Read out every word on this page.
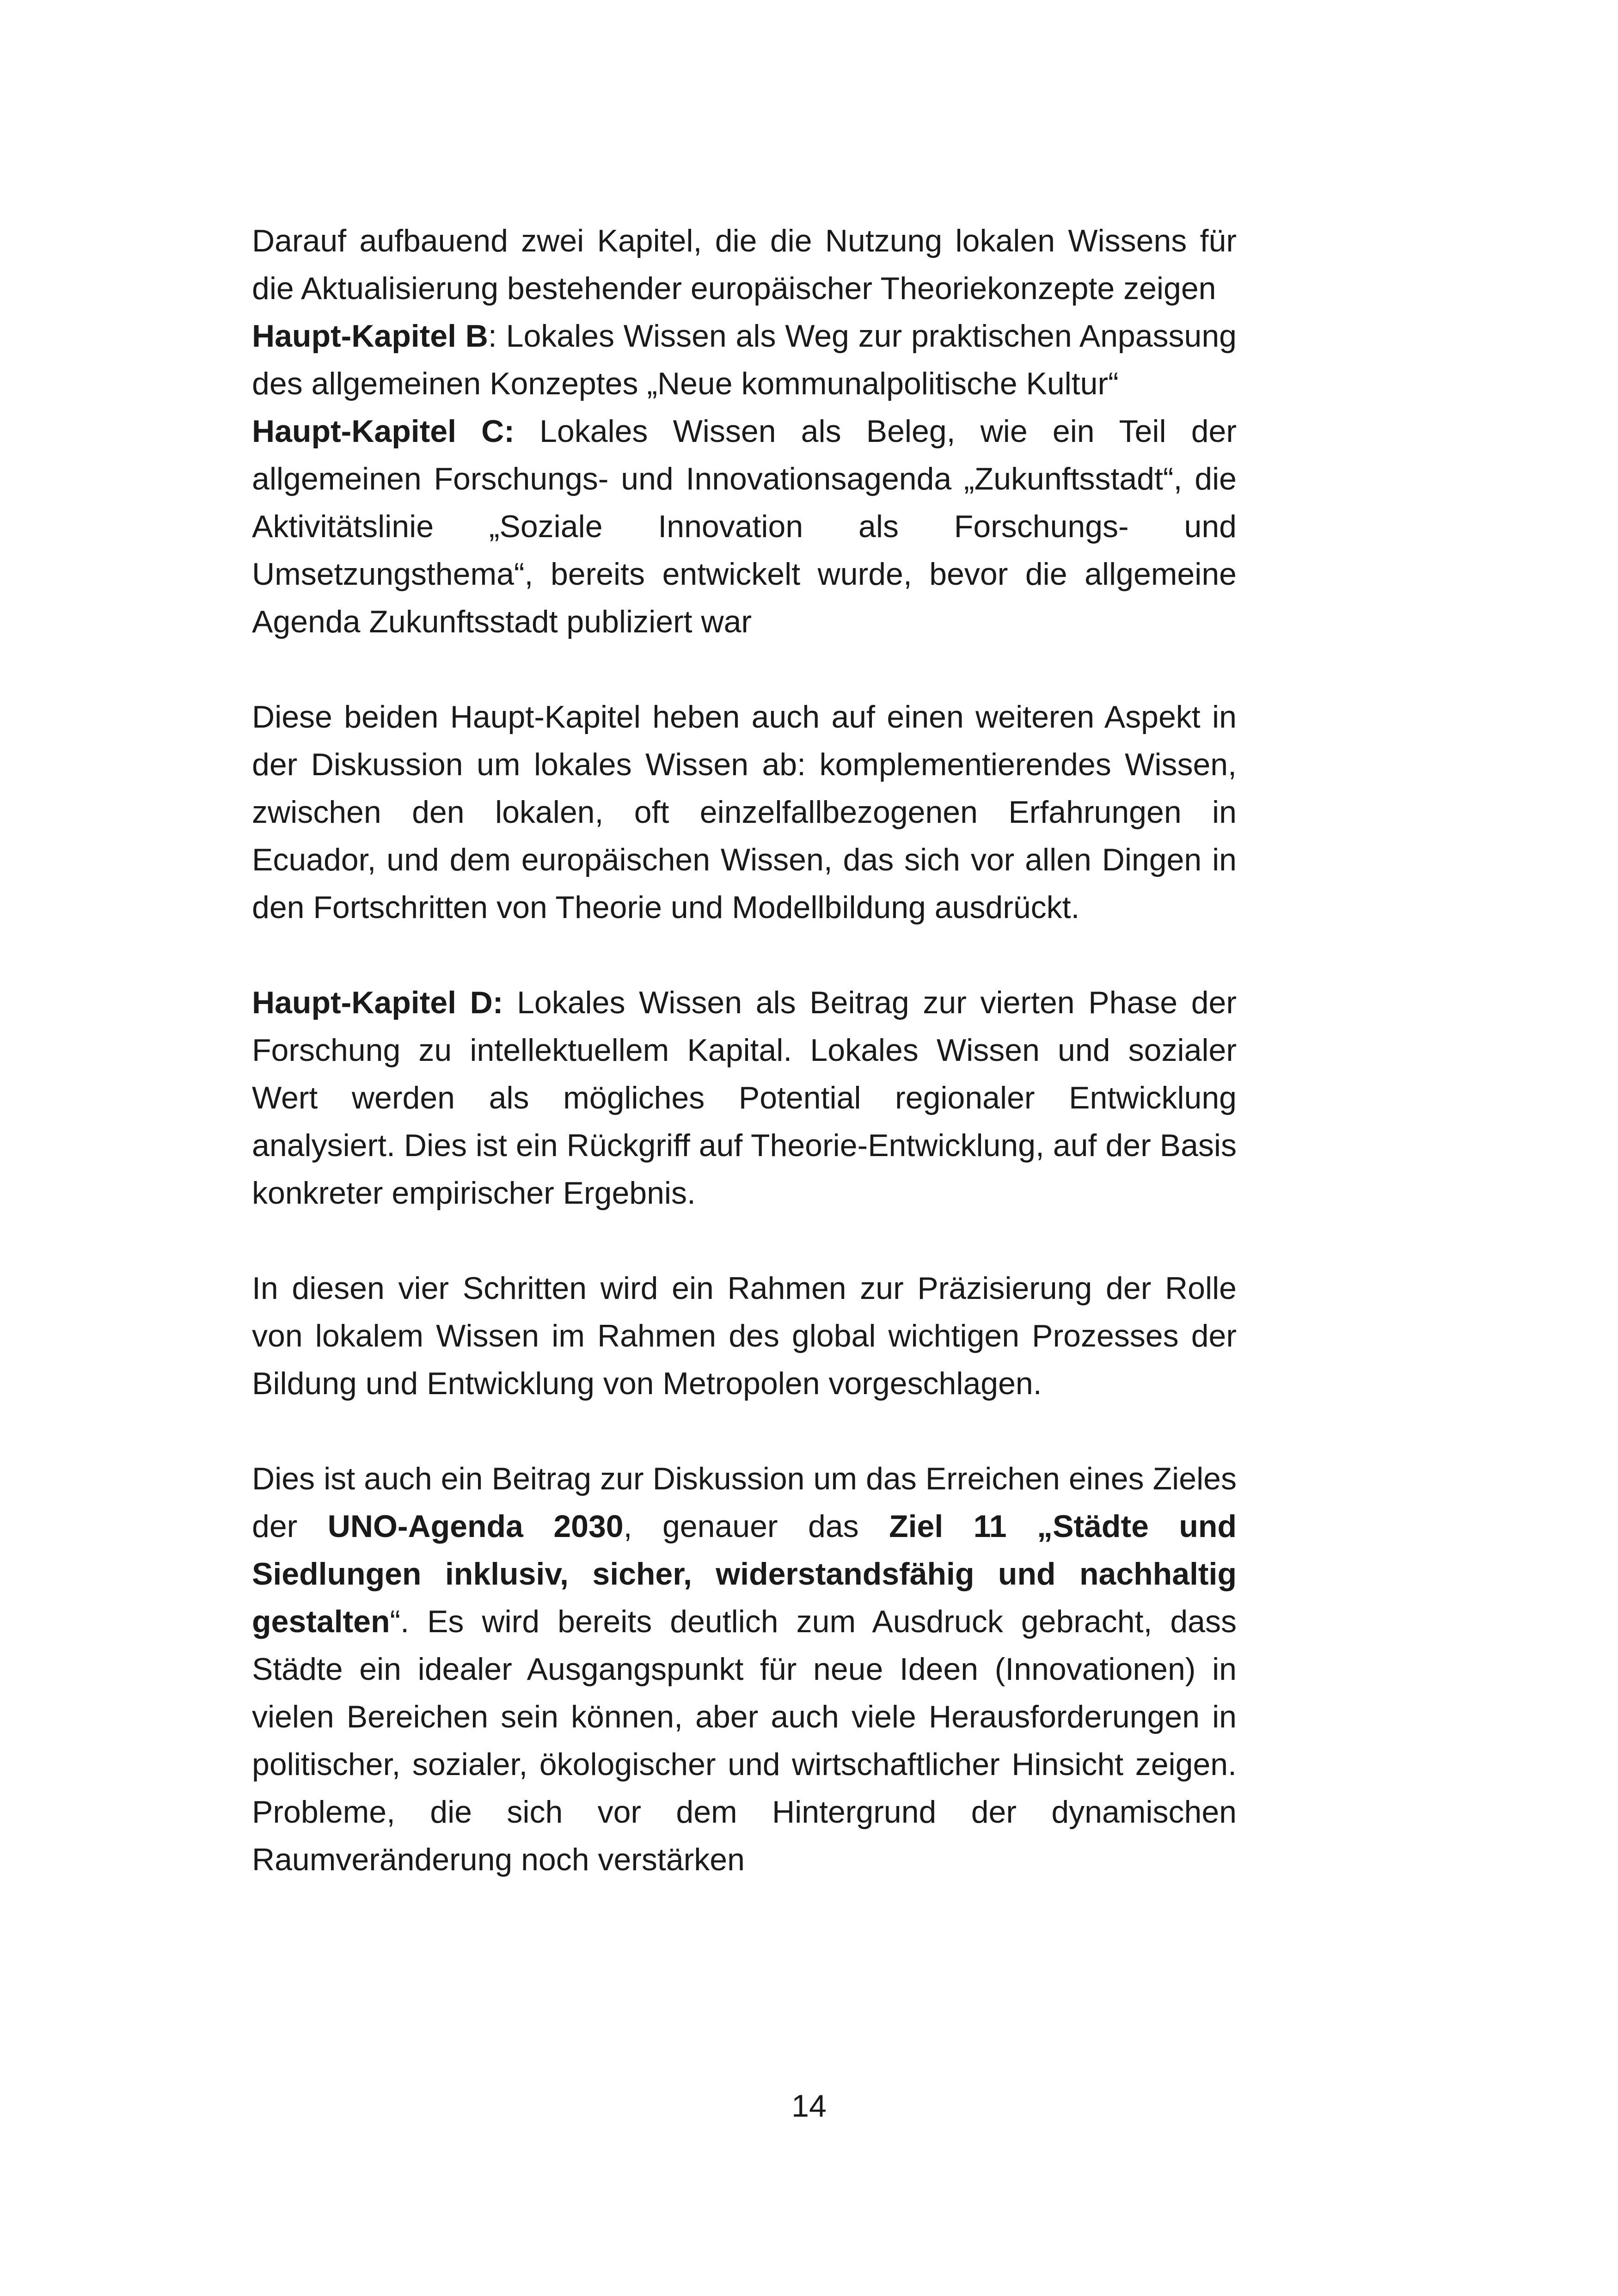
Darauf aufbauend zwei Kapitel, die die Nutzung lokalen Wissens für die Aktualisierung bestehender europäischer Theoriekonzepte zeigen

Haupt-Kapitel B: Lokales Wissen als Weg zur praktischen Anpassung des allgemeinen Konzeptes „Neue kommunalpolitische Kultur“

Haupt-Kapitel C: Lokales Wissen als Beleg, wie ein Teil der allgemeinen Forschungs- und Innovationsagenda „Zukunftsstadt“, die Aktivitätslinie „Soziale Innovation als Forschungs- und Umsetzungsthema“, bereits entwickelt wurde, bevor die allgemeine Agenda Zukunftsstadt publiziert war

Diese beiden Haupt-Kapitel heben auch auf einen weiteren Aspekt in der Diskussion um lokales Wissen ab: komplementierendes Wissen, zwischen den lokalen, oft einzelfallbezogenen Erfahrungen in Ecuador, und dem europäischen Wissen, das sich vor allen Dingen in den Fortschritten von Theorie und Modellbildung ausdrückt.

Haupt-Kapitel D: Lokales Wissen als Beitrag zur vierten Phase der Forschung zu intellektuellem Kapital. Lokales Wissen und sozialer Wert werden als mögliches Potential regionaler Entwicklung analysiert. Dies ist ein Rückgriff auf Theorie-Entwicklung, auf der Basis konkreter empirischer Ergebnis.

In diesen vier Schritten wird ein Rahmen zur Präzisierung der Rolle von lokalem Wissen im Rahmen des global wichtigen Prozesses der Bildung und Entwicklung von Metropolen vorgeschlagen.

Dies ist auch ein Beitrag zur Diskussion um das Erreichen eines Zieles der UNO-Agenda 2030, genauer das Ziel 11 „Städte und Siedlungen inklusiv, sicher, widerstandsfähig und nachhaltig gestalten“. Es wird bereits deutlich zum Ausdruck gebracht, dass Städte ein idealer Ausgangspunkt für neue Ideen (Innovationen) in vielen Bereichen sein können, aber auch viele Herausforderungen in politischer, sozialer, ökologischer und wirtschaftlicher Hinsicht zeigen. Probleme, die sich vor dem Hintergrund der dynamischen Raumveränderung noch verstärken

14
